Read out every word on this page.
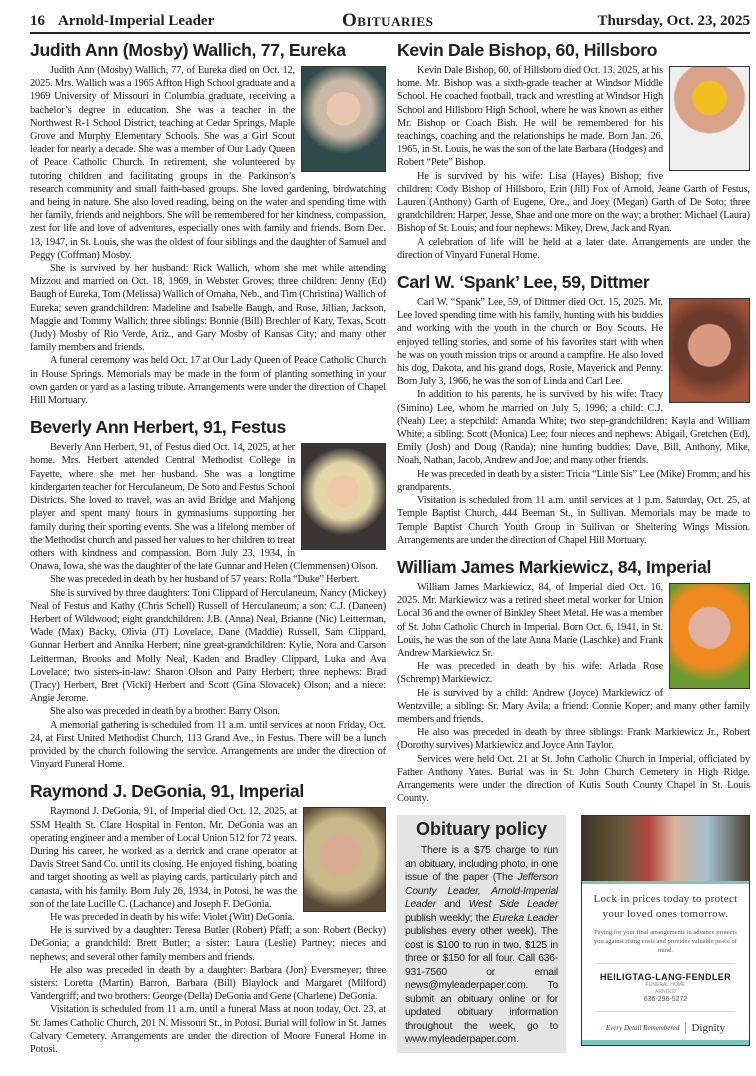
16 Arnold-Imperial Leader	Obituaries	Thursday, Oct. 23, 2025
Judith Ann (Mosby) Wallich, 77, Eureka

Judith Ann (Mosby) Wallich, 77, of Eureka died on Oct. 12, 2025. Mrs. Wallich was a 1965 Affton High School graduate and a 1969 University of Missouri in Columbia graduate, receiving a bachelor’s degree in education. She was a teacher in the Northwest R-1 School District, teaching at Cedar Springs, Maple Grove and Murphy Elementary Schools. She was a Girl Scout leader for nearly a decade. She was a member of Our Lady Queen of Peace Catholic Church. In retirement, she volunteered by tutoring children and facilitating groups in the Parkinson’s research community and small faith-based groups. She loved gardening, birdwatching and being in nature. She also loved reading, being on the water and spending time with her family, friends and neighbors. She will be remembered for her kindness, compassion, zest for life and love of adventures, especially ones with family and friends. Born Dec. 13, 1947, in St. Louis, she was the oldest of four siblings and the daughter of Samuel and Peggy (Coffman) Mosby.

She is survived by her husband: Rick Wallich, whom she met while attending Mizzou and married on Oct. 18, 1969, in Webster Groves; three children: Jenny (Ed) Baugh of Eureka, Tom (Melissa) Wallich of Omaha, Neb., and Tim (Christina) Wallich of Eureka; seven grandchildren: Madeline and Isabelle Baugh, and Rose, Jillian, Jackson, Maggie and Tommy Wallich; three siblings: Bonnie (Bill) Brechler of Katy, Texas, Scott (Judy) Mosby of Rio Verde, Ariz., and Gary Mosby of Kansas City; and many other family members and friends.

A funeral ceremony was held Oct. 17 at Our Lady Queen of Peace Catholic Church in House Springs. Memorials may be made in the form of planting something in your own garden or yard as a lasting tribute. Arrangements were under the direction of Chapel Hill Mortuary.

Beverly Ann Herbert, 91, Festus

Beverly Ann Herbert, 91, of Festus died Oct. 14, 2025, at her home. Mrs. Herbert attended Central Methodist College in Fayette, where she met her husband. She was a longtime kindergarten teacher for Herculaneum, De Soto and Festus School Districts. She loved to travel, was an avid Bridge and Mahjong player and spent many hours in gymnasiums supporting her family during their sporting events. She was a lifelong member of the Methodist church and passed her values to her children to treat others with kindness and compassion. Born July 23, 1934, in Onawa, Iowa, she was the daughter of the late Gunnar and Helen (Clemmensen) Olson.

She was preceded in death by her husband of 57 years: Rolla “Duke” Herbert.

She is survived by three daughters: Toni Clippard of Herculaneum, Nancy (Mickey) Neal of Festus and Kathy (Chris Schell) Russell of Herculaneum; a son: C.J. (Daneen) Herbert of Wildwood; eight grandchildren: J.B. (Anna) Neal, Brianne (Nic) Leitterman, Wade (Max) Backy, Olivia (JT) Lovelace, Dane (Maddie) Russell, Sam Clippard, Gunnar Herbert and Annika Herbert; nine great-grandchildren: Kylie, Nora and Carson Leitterman, Brooks and Molly Neal, Kaden and Bradley Clippard, Luka and Ava Lovelace; two sisters-in-law: Sharon Olson and Patty Herbert; three nephews: Brad (Tracy) Herbert, Bret (Vicki) Herbert and Scott (Gina Slovacek) Olson; and a niece: Angie Jerome.

She also was preceded in death by a brother: Barry Olson.

A memorial gathering is scheduled from 11 a.m. until services at noon Friday, Oct. 24, at First United Methodist Church, 113 Grand Ave., in Festus. There will be a lunch provided by the church following the service. Arrangements are under the direction of Vinyard Funeral Home.

Raymond J. DeGonia, 91, Imperial

Raymond J. DeGonia, 91, of Imperial died Oct. 12, 2025, at SSM Health St. Clare Hospital in Fenton. Mr. DeGonia was an operating engineer and a member of Local Union 512 for 72 years. During his career, he worked as a derrick and crane operator at Davis Street Sand Co. until its closing. He enjoyed fishing, boating and target shooting as well as playing cards, particularly pitch and canasta, with his family. Born July 26, 1934, in Potosi, he was the son of the late Lucille C. (Lachance) and Joseph F. DeGonia.

He was preceded in death by his wife: Violet (Witt) DeGonia.

He is survived by a daughter: Teresa Butler (Robert) Pfaff; a son: Robert (Becky) DeGonia; a grandchild: Brett Butler; a sister: Laura (Leslie) Partney; nieces and nephews; and several other family members and friends.

He also was preceded in death by a daughter: Barbara (Jon) Eversmeyer; three sisters: Loretta (Martin) Barron, Barbara (Bill) Blaylock and Margaret (Milford) Vandergriff; and two brothers: George (Della) DeGonia and Gene (Charlene) DeGonia.

Visitation is scheduled from 11 a.m. until a funeral Mass at noon today, Oct. 23, at St. James Catholic Church, 201 N. Missouri St., in Potosi. Burial will follow in St. James Calvary Cemetery. Arrangements are under the direction of Moore Funeral Home in Potosi.

Kevin Dale Bishop, 60, Hillsboro

Kevin Dale Bishop, 60, of Hillsboro died Oct. 13. 2025, at his home. Mr. Bishop was a sixth-grade teacher at Windsor Middle School. He coached football, track and wrestling at Windsor High School and Hillsboro High School, where he was known as either Mr. Bishop or Coach Bish. He will be remembered for his teachings, coaching and the relationships he made. Born Jan. 26, 1965, in St. Louis, he was the son of the late Barbara (Hodges) and Robert “Pete” Bishop.

He is survived by his wife: Lisa (Hayes) Bishop; five children: Cody Bishop of Hillsboro, Erin (Jill) Fox of Arnold, Jeane Garth of Festus, Lauren (Anthony) Garth of Eugene, Ore., and Joey (Megan) Garth of De Soto; three grandchildren: Harper, Jesse, Shae and one more on the way; a brother: Michael (Laura) Bishop of St. Louis; and four nephews: Mikey, Drew, Jack and Ryan.

A celebration of life will be held at a later date. Arrangements are under the direction of Vinyard Funeral Home.

Carl W. ‘Spank’ Lee, 59, Dittmer

Carl W. “Spank” Lee, 59, of Dittmer died Oct. 15, 2025. Mr. Lee loved spending time with his family, hunting with his buddies and working with the youth in the church or Boy Scouts. He enjoyed telling stories, and some of his favorites start with when he was on youth mission trips or around a campfire. He also loved his dog, Dakota, and his grand dogs, Rosie, Maverick and Penny. Born July 3, 1966, he was the son of Linda and Carl Lee.

In addition to his parents, he is survived by his wife: Tracy (Simino) Lee, whom he married on July 5, 1996; a child: C.J. (Neah) Lee; a stepchild: Amanda White; two step-grandchildren: Kayla and William White; a sibling: Scott (Monica) Lee; four nieces and nephews: Abigail, Gretchen (Ed), Emily (Josh) and Doug (Randa); nine hunting buddies: Dave, Bill, Anthony, Mike, Noah, Nathan, Jacob, Andrew and Joe; and many other friends.

He was preceded in death by a sister: Tricia “Little Sis” Lee (Mike) Fromm; and his grandparents.

Visitation is scheduled from 11 a.m. until services at 1 p.m. Saturday, Oct. 25, at Temple Baptist Church, 444 Beeman St., in Sullivan. Memorials may be made to Temple Baptist Church Youth Group in Sullivan or Sheltering Wings Mission. Arrangements are under the direction of Chapel Hill Mortuary.

William James Markiewicz, 84, Imperial

William James Markiewicz, 84, of Imperial died Oct. 16, 2025. Mr. Markiewicz was a retired sheet metal worker for Union Local 36 and the owner of Binkley Sheet Metal. He was a member of St. John Catholic Church in Imperial. Born Oct. 6, 1941, in St. Louis, he was the son of the late Anna Marie (Laschke) and Frank Andrew Markiewicz Sr.

He was preceded in death by his wife: Arlada Rose (Schremp) Markiewicz.

He is survived by a child: Andrew (Joyce) Markiewicz of Wentzville; a sibling: Sr. Mary Avila; a friend: Connie Koper; and many other family members and friends.

He also was preceded in death by three siblings: Frank Markiewicz Jr., Robert (Dorothy survives) Markiewicz and Joyce Ann Taylor.

Services were held Oct. 21 at St. John Catholic Church in Imperial, officiated by Father Anthony Yates. Burial was in St. John Church Cemetery in High Ridge. Arrangements were under the direction of Kutis South County Chapel in St. Louis County.

Obituary policy

There is a $75 charge to run an obituary, including photo, in one issue of the paper (The Jefferson County Leader, Arnold-Imperial Leader and West Side Leader publish weekly; the Eureka Leader publishes every other week). The cost is $100 to run in two, $125 in three or $150 for all four. Call 636-931-7560 or email news@myleaderpaper.com. To submit an obituary online or for updated obituary information throughout the week, go to www.myleaderpaper.com.

Lock in prices today to protect your loved ones tomorrow.
Paying for your final arrangements in advance protects you against rising costs and provides valuable peace of mind.
HEILIGTAG-LANG-FENDLER
FUNERAL HOME
ARNOLD
636-296-5272
Every Detail Remembered	Dignity
